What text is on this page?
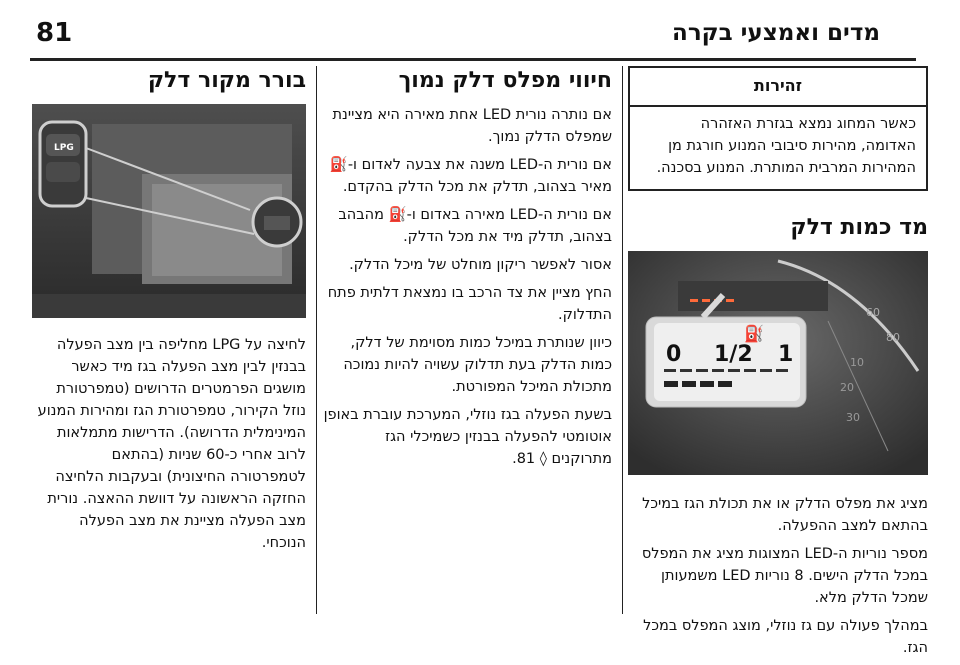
81	מדים ואמצעי בקרה
זהירות
כאשר המחוג נמצא בגזרת האזהרה האדומה, מהירות סיבובי המנוע חורגת מן המהירות המרבית המותרת. המנוע בסכנה.
מד כמות דלק
10
20
30
60
80
0 1/2 1
⛽

מציג את מפלס הדלק או את תכולת הגז במיכל בהתאם למצב ההפעלה.

מספר נוריות ה-LED המצוגות מציג את המפלס במכל הדלק הישים. 8 נוריות LED משמעותן שמכל הדלק מלא.

במהלך פעולה עם גז נוזלי, מוצג המפלס במכל הגז.

חיווי מפלס דלק נמוך

אם נותרה נורית LED אחת מאירה היא מציינת שמפלס הדלק נמוך.

אם נורית ה-LED משנה את צבעה לאדום ו-⛽ מאיר בצהוב, תדלק את מכל הדלק בהקדם.

אם נורית ה-LED מאירה באדום ו-⛽ מהבהב בצהוב, תדלק מיד את מכל הדלק.

אסור לאפשר ריקון מוחלט של מיכל הדלק.

החץ מציין את צד הרכב בו נמצאת דלתית פתח התדלוק.

כיוון שנותרת במיכל כמות מסוימת של דלק, כמות הדלק בעת תדלוק עשויה להיות נמוכה מתכולת המיכל המפורטת.

בשעת הפעלה בגז נוזלי, המערכת עוברת באופן אוטומטי להפעלה בבנזין כשמיכלי הגז מתרוקנים ◊ 81.

בורר מקור דלק
LPG

לחיצה על LPG מחליפה בין מצב הפעלה בבנזין לבין מצב הפעלה בגז מיד כאשר מושגים הפרמטרים הדרושים (טמפרטורת נוזל הקירור, טמפרטורת הגז ומהירות המנוע המינימלית הדרושה). הדרישות מתמלאות לרוב אחרי כ-60 שניות (בהתאם לטמפרטורה החיצונית) ובעקבות הלחיצה החזקה הראשונה על דוושת ההאצה. נורית מצב הפעלה מציינת את מצב הפעלה הנוכחי.
